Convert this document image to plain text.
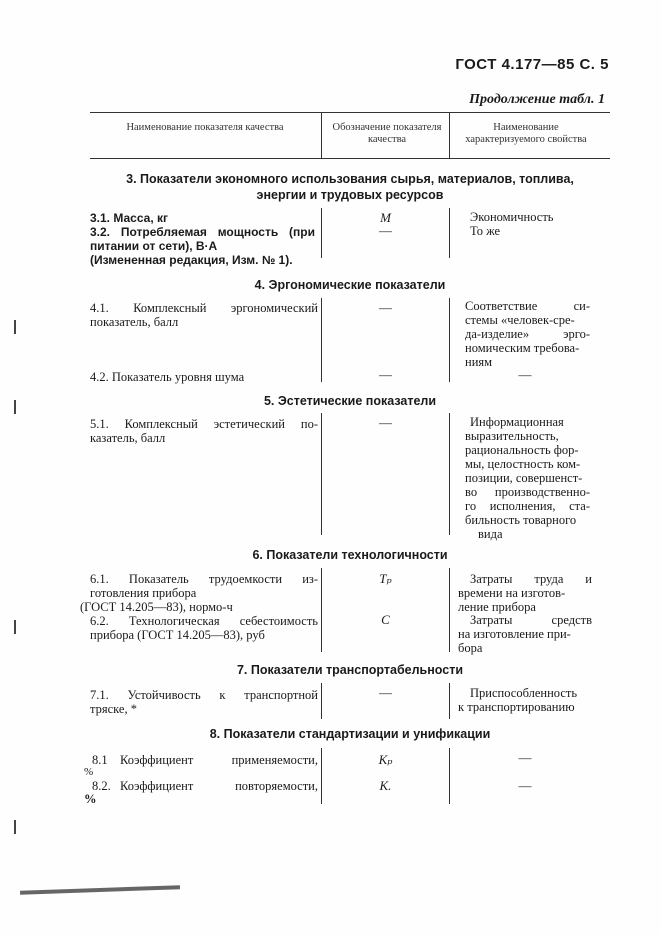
ГОСТ 4.177—85 С. 5
Продолжение табл. 1
Наименование показателя качества	Обозначение показателя качества
Наименование характеризуемого свойства
3. Показатели экономного использования сырья, материалов, топлива,
энергии и трудовых ресурсов
3.1. Масса, кг	М	Экономичность
3.2. Потребляемая мощность (при
питании от сети), В·А
—	То же
(Измененная редакция, Изм. № 1).
4. Эргономические показатели
4.1. Комплексный эргономический
показатель, балл
—	Соответствие си-
стемы «человек-сре-
да-изделие» эрго-
номическим требова-
ниям
4.2. Показатель уровня шума	—	—
5. Эстетические показатели
5.1. Комплексный эстетический по-
казатель, балл
—	Информационная
выразительность,
рациональность фор-
мы, целостность ком-
позиции, совершенст-
во производственно-
го исполнения, ста-
бильность товарного
вида
6. Показатели технологичности
6.1. Показатель трудоемкости из-
готовления прибора
(ГОСТ 14.205—83), нормо-ч
Tₚ	Затраты труда и
времени на изготов-
ление прибора
6.2. Технологическая себестоимость
прибора (ГОСТ 14.205—83), руб
С	Затраты средств
на изготовление при-
бора
7. Показатели транспортабельности
7.1. Устойчивость к транспортной
тряске, *
—	Приспособленность
к транспортированию
8. Показатели стандартизации и унификации
8.1 Коэффициент применяемости,
%
Кₚ	—
8.2. Коэффициент повторяемости,
%
К.	—
